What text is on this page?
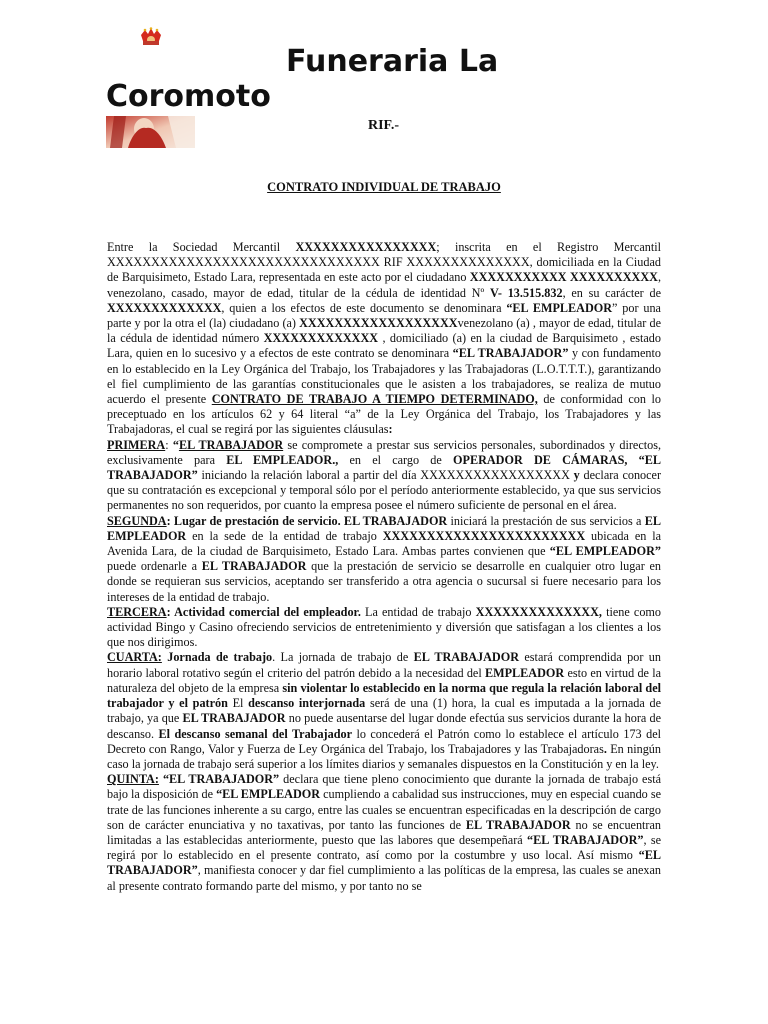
Funeraria La Coromoto
RIF.-
CONTRATO INDIVIDUAL DE TRABAJO

Entre la Sociedad Mercantil XXXXXXXXXXXXXXXX; inscrita en el Registro Mercantil XXXXXXXXXXXXXXXXXXXXXXXXXXXXXXX RIF XXXXXXXXXXXXXX, domiciliada en la Ciudad de Barquisimeto, Estado Lara, representada en este acto por el ciudadano XXXXXXXXXXX XXXXXXXXXX, venezolano, casado, mayor de edad, titular de la cédula de identidad Nº V- 13.515.832, en su carácter de XXXXXXXXXXXXX, quien a los efectos de este documento se denominara “EL EMPLEADOR” por una parte y por la otra el (la) ciudadano (a) XXXXXXXXXXXXXXXXXXvenezolano (a) , mayor de edad, titular de la cédula de identidad número XXXXXXXXXXXXX , domiciliado (a) en la ciudad de Barquisimeto , estado Lara, quien en lo sucesivo y a efectos de este contrato se denominara “EL TRABAJADOR” y con fundamento en lo establecido en la Ley Orgánica del Trabajo, los Trabajadores y las Trabajadoras (L.O.T.T.T.), garantizando el fiel cumplimiento de las garantías constitucionales que le asisten a los trabajadores, se realiza de mutuo acuerdo el presente CONTRATO DE TRABAJO A TIEMPO DETERMINADO, de conformidad con lo preceptuado en los artículos 62 y 64 literal “a” de la Ley Orgánica del Trabajo, los Trabajadores y las Trabajadoras, el cual se regirá por las siguientes cláusulas:

PRIMERA: “EL TRABAJADOR se compromete a prestar sus servicios personales, subordinados y directos, exclusivamente para EL EMPLEADOR., en el cargo de OPERADOR DE CÁMARAS, “EL TRABAJADOR” iniciando la relación laboral a partir del día XXXXXXXXXXXXXXXXX y declara conocer que su contratación es excepcional y temporal sólo por el período anteriormente establecido, ya que sus servicios permanentes no son requeridos, por cuanto la empresa posee el número suficiente de personal en el área.

SEGUNDA: Lugar de prestación de servicio. EL TRABAJADOR iniciará la prestación de sus servicios a EL EMPLEADOR en la sede de la entidad de trabajo XXXXXXXXXXXXXXXXXXXXXXX ubicada en la Avenida Lara, de la ciudad de Barquisimeto, Estado Lara. Ambas partes convienen que “EL EMPLEADOR” puede ordenarle a EL TRABAJADOR que la prestación de servicio se desarrolle en cualquier otro lugar en donde se requieran sus servicios, aceptando ser transferido a otra agencia o sucursal si fuere necesario para los intereses de la entidad de trabajo.

TERCERA: Actividad comercial del empleador. La entidad de trabajo XXXXXXXXXXXXXX, tiene como actividad Bingo y Casino ofreciendo servicios de entretenimiento y diversión que satisfagan a los clientes a los que nos dirigimos.

CUARTA: Jornada de trabajo. La jornada de trabajo de EL TRABAJADOR estará comprendida por un horario laboral rotativo según el criterio del patrón debido a la necesidad del EMPLEADOR esto en virtud de la naturaleza del objeto de la empresa sin violentar lo establecido en la norma que regula la relación laboral del trabajador y el patrón El descanso interjornada será de una (1) hora, la cual es imputada a la jornada de trabajo, ya que EL TRABAJADOR no puede ausentarse del lugar donde efectúa sus servicios durante la hora de descanso. El descanso semanal del Trabajador lo concederá el Patrón como lo establece el artículo 173 del Decreto con Rango, Valor y Fuerza de Ley Orgánica del Trabajo, los Trabajadores y las Trabajadoras. En ningún caso la jornada de trabajo será superior a los límites diarios y semanales dispuestos en la Constitución y en la ley.

QUINTA: “EL TRABAJADOR” declara que tiene pleno conocimiento que durante la jornada de trabajo está bajo la disposición de “EL EMPLEADOR cumpliendo a cabalidad sus instrucciones, muy en especial cuando se trate de las funciones inherente a su cargo, entre las cuales se encuentran especificadas en la descripción de cargo son de carácter enunciativa y no taxativas, por tanto las funciones de EL TRABAJADOR no se encuentran limitadas a las establecidas anteriormente, puesto que las labores que desempeñará “EL TRABAJADOR”, se regirá por lo establecido en el presente contrato, así como por la costumbre y uso local. Así mismo “EL TRABAJADOR”, manifiesta conocer y dar fiel cumplimiento a las políticas de la empresa, las cuales se anexan al presente contrato formando parte del mismo, y por tanto no se
